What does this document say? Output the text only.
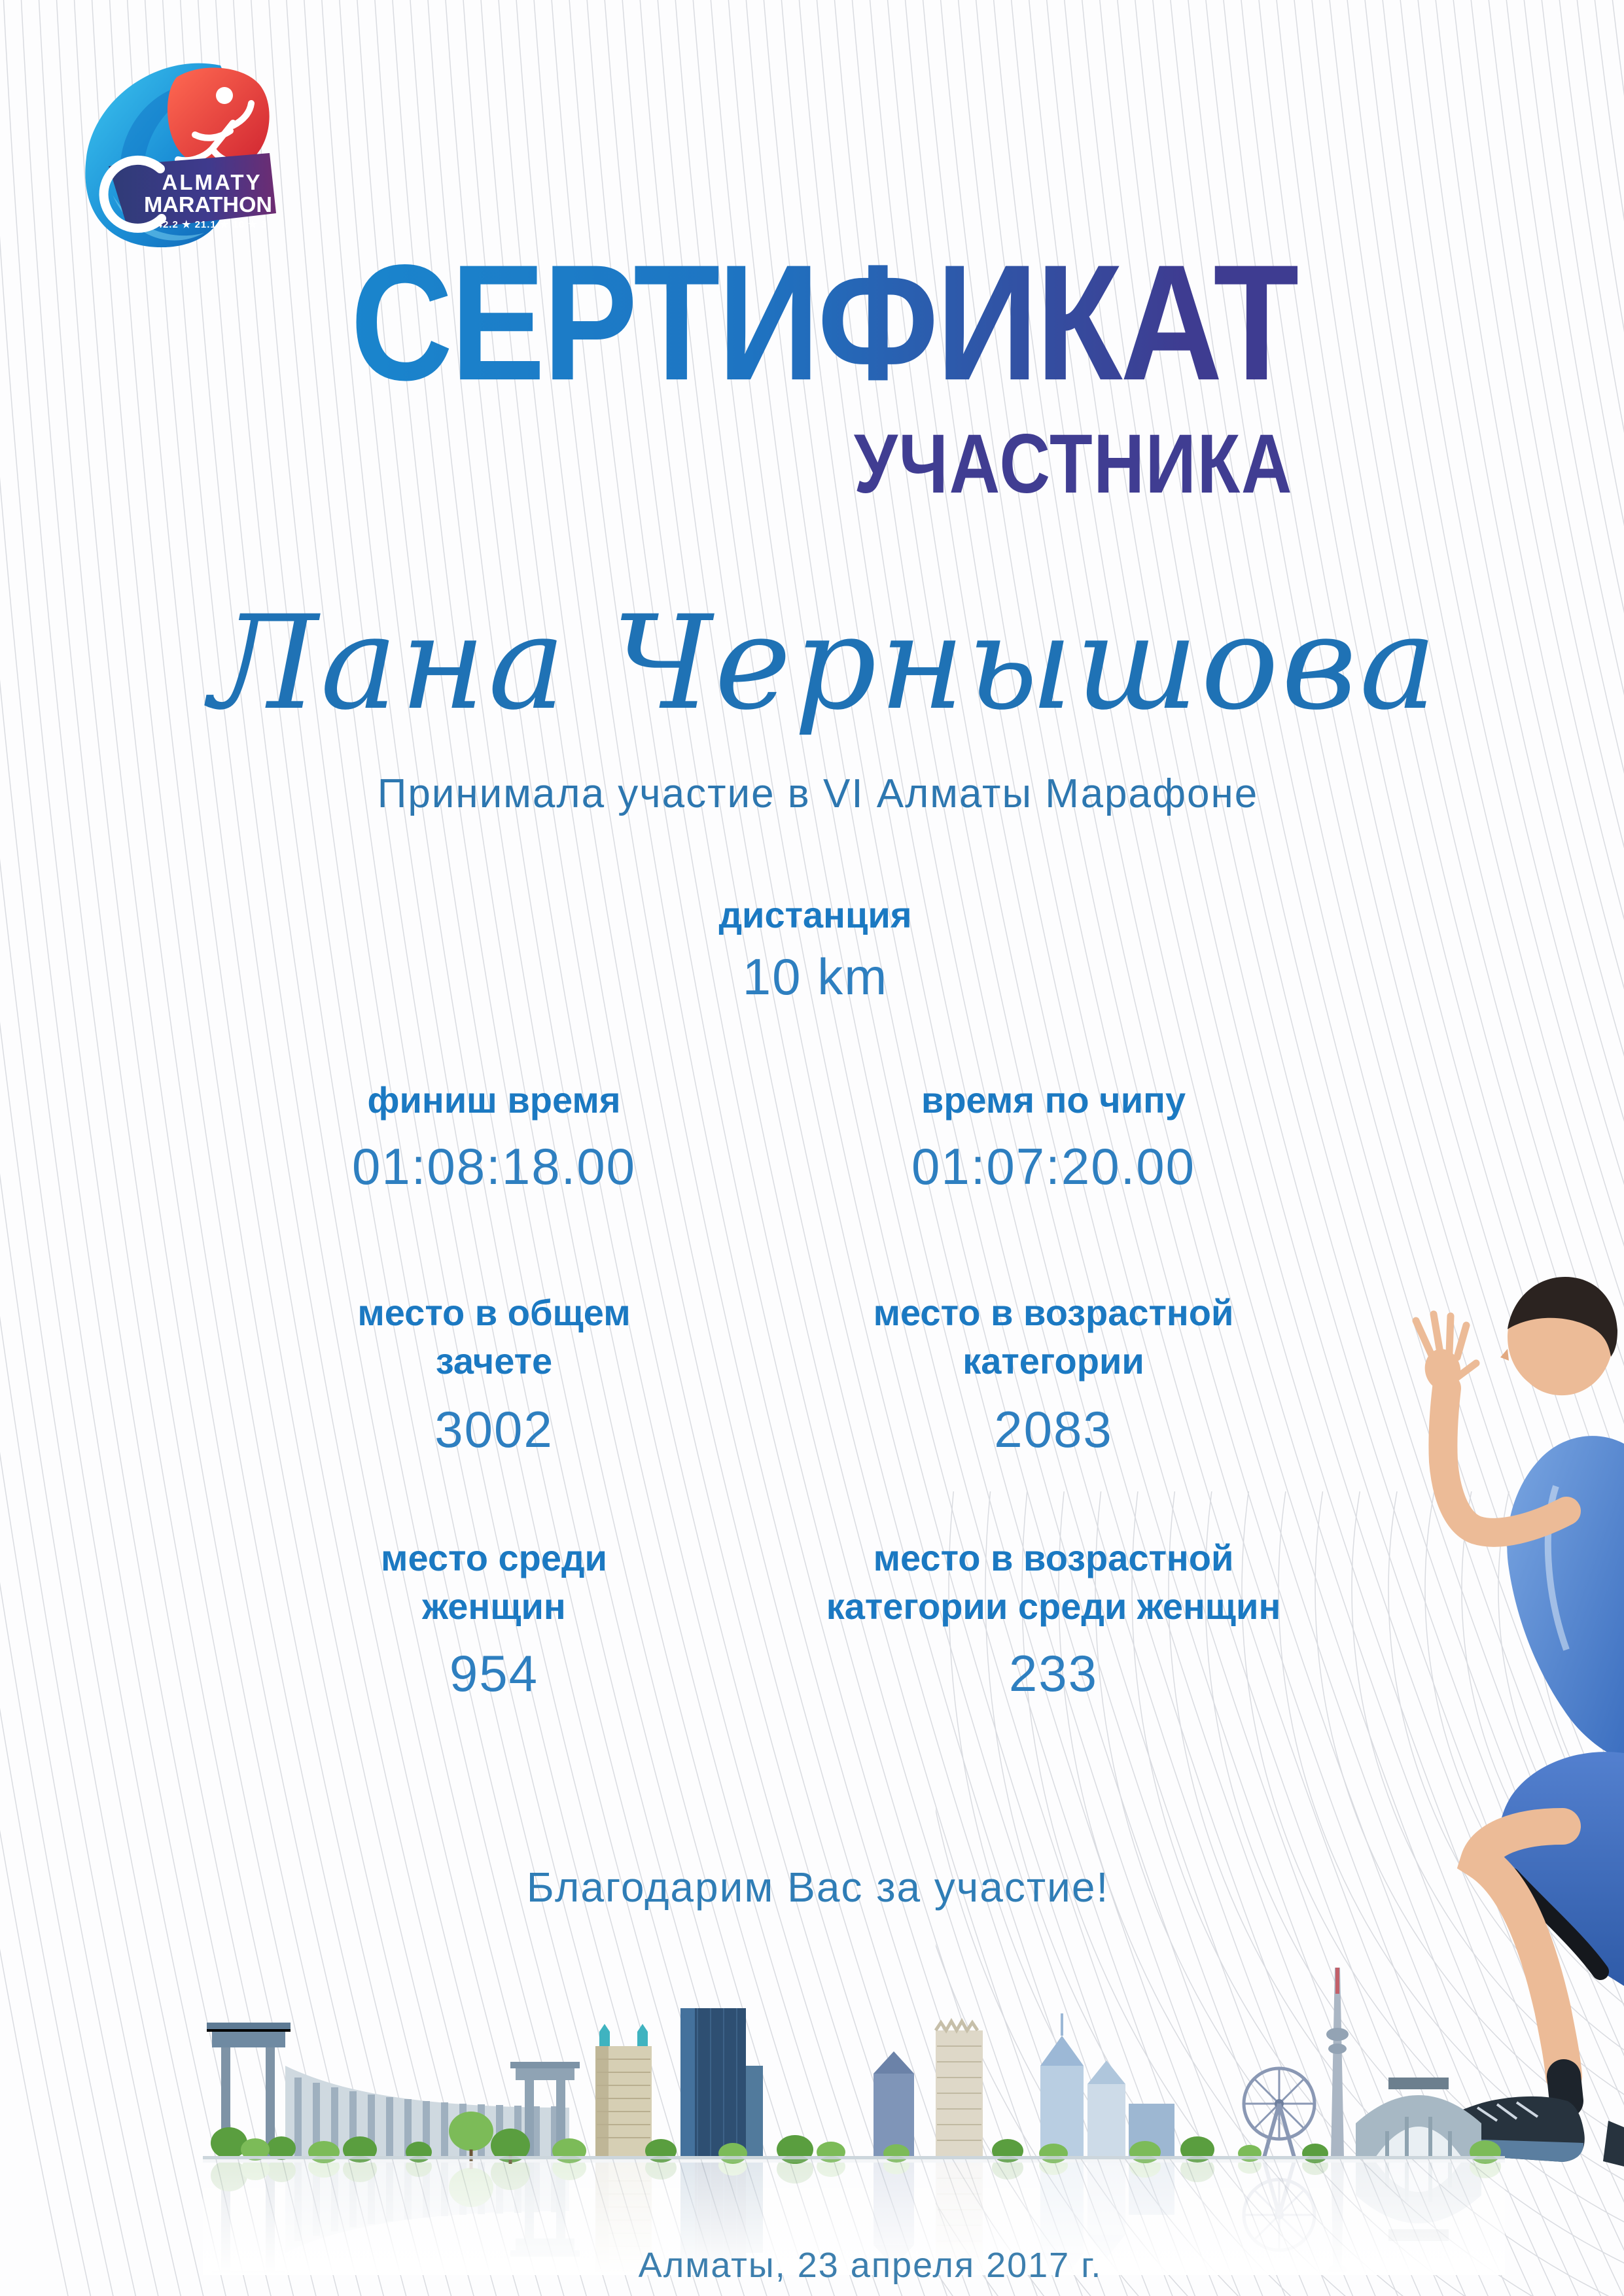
ALMATY
MARATHON
42.2 ★ 21.1 ★ 10 ★ 3
СЕРТИФИКАТ
УЧАСТНИКА
Лана Чернышова
Принимала участие в VI Алматы Марафоне
дистанция
10 km
финиш время
01:08:18.00
время по чипу
01:07:20.00
место в общем зачете
3002
место в возрастной категории
2083
место среди женщин
954
место в возрастной категории среди женщин
233
Благодарим Вас за участие!
Алматы, 23 апреля 2017 г.
